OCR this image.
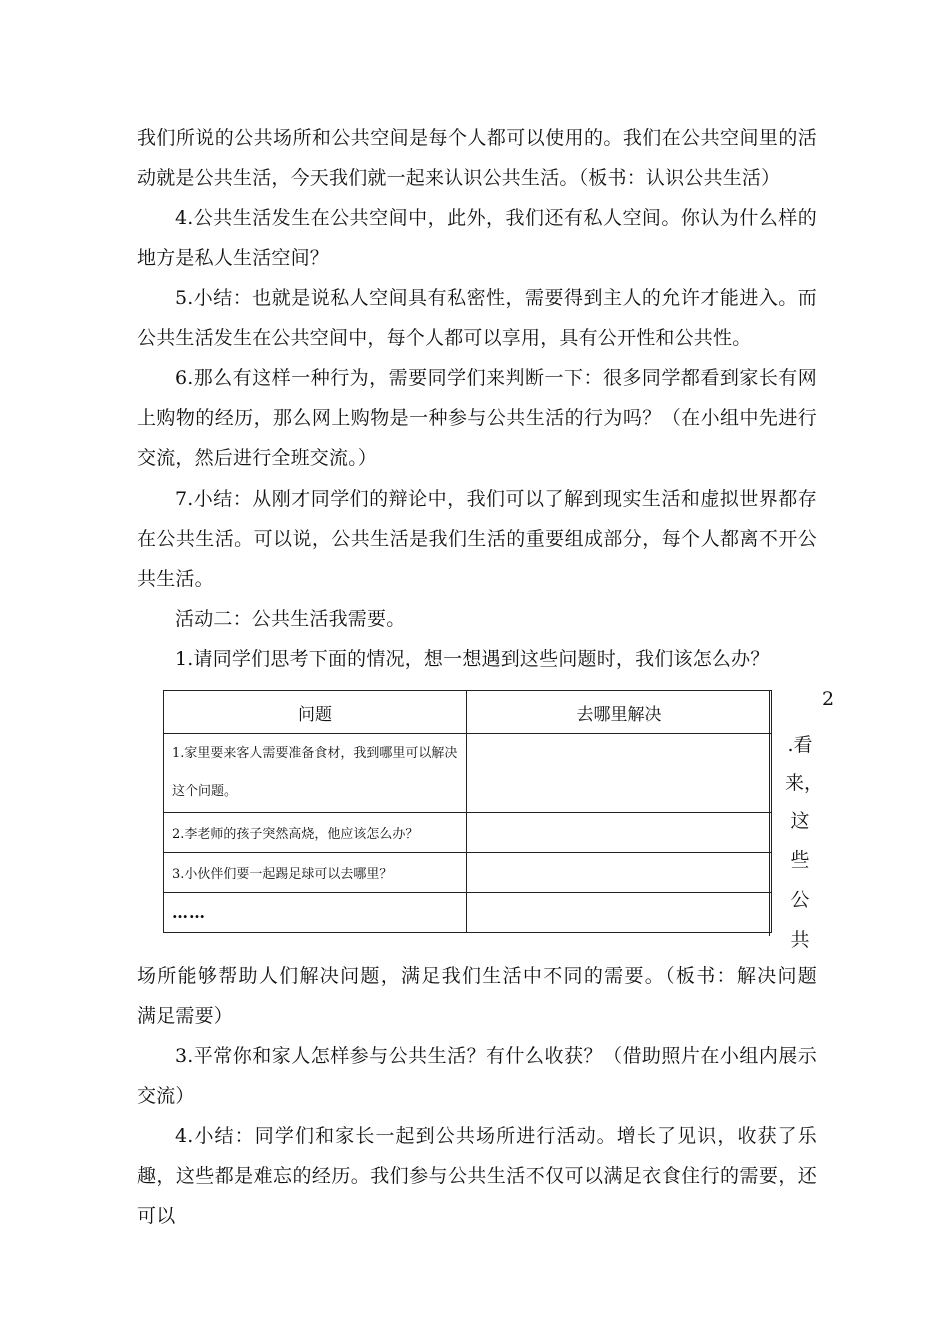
我们所说的公共场所和公共空间是每个人都可以使用的。我们在公共空间里的活动就是公共生活，今天我们就一起来认识公共生活。（板书：认识公共生活）

4.公共生活发生在公共空间中，此外，我们还有私人空间。你认为什么样的地方是私人生活空间？

5.小结：也就是说私人空间具有私密性，需要得到主人的允许才能进入。而公共生活发生在公共空间中，每个人都可以享用，具有公开性和公共性。

6.那么有这样一种行为，需要同学们来判断一下：很多同学都看到家长有网上购物的经历，那么网上购物是一种参与公共生活的行为吗？（在小组中先进行交流，然后进行全班交流。）

7.小结：从刚才同学们的辩论中，我们可以了解到现实生活和虚拟世界都存在公共生活。可以说，公共生活是我们生活的重要组成部分，每个人都离不开公共生活。

活动二：公共生活我需要。

1.请同学们思考下面的情况，想一想遇到这些问题时，我们该怎么办？

问题	去哪里解决
1.家里要来客人需要准备食材，我到哪里可以解决这个问题。	
2.李老师的孩子突然高烧，他应该怎么办？	
3.小伙伴们要一起踢足球可以去哪里？	
……	
2
.看
来，
这
些
公
共

场所能够帮助人们解决问题，满足我们生活中不同的需要。（板书：解决问题　满足需要）

3.平常你和家人怎样参与公共生活？有什么收获？（借助照片在小组内展示交流）

4.小结：同学们和家长一起到公共场所进行活动。增长了见识，收获了乐趣，这些都是难忘的经历。我们参与公共生活不仅可以满足衣食住行的需要，还可以
